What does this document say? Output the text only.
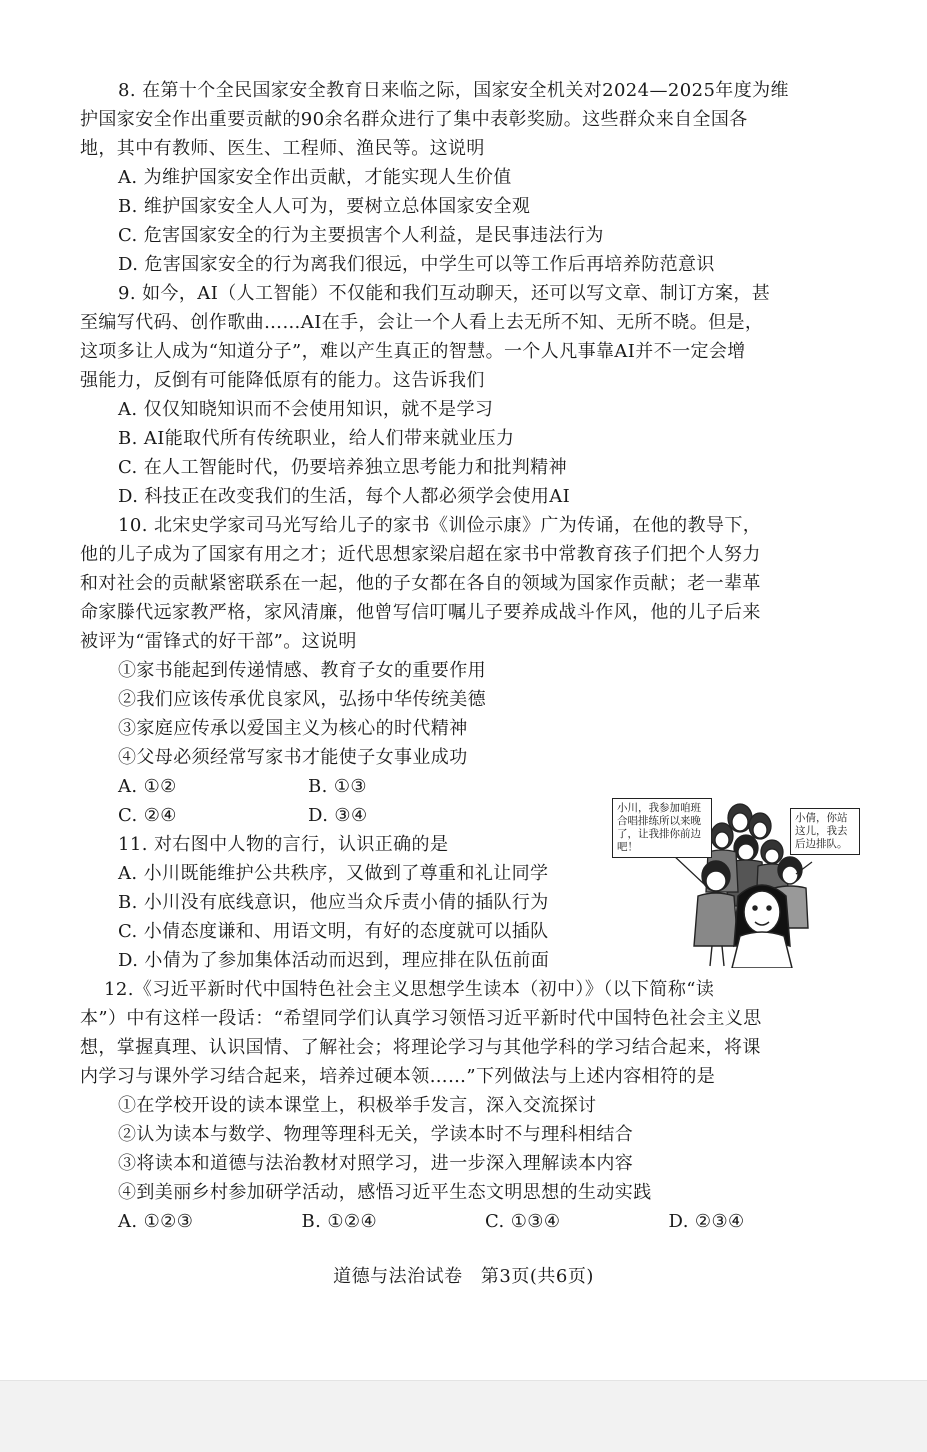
8. 在第十个全民国家安全教育日来临之际，国家安全机关对2024—2025年度为维
护国家安全作出重要贡献的90余名群众进行了集中表彰奖励。这些群众来自全国各
地，其中有教师、医生、工程师、渔民等。这说明
A. 为维护国家安全作出贡献，才能实现人生价值
B. 维护国家安全人人可为，要树立总体国家安全观
C. 危害国家安全的行为主要损害个人利益，是民事违法行为
D. 危害国家安全的行为离我们很远，中学生可以等工作后再培养防范意识
9. 如今，AI（人工智能）不仅能和我们互动聊天，还可以写文章、制订方案，甚
至编写代码、创作歌曲……AI在手，会让一个人看上去无所不知、无所不晓。但是，
这项多让人成为“知道分子”，难以产生真正的智慧。一个人凡事靠AI并不一定会增
强能力，反倒有可能降低原有的能力。这告诉我们
A. 仅仅知晓知识而不会使用知识，就不是学习
B. AI能取代所有传统职业，给人们带来就业压力
C. 在人工智能时代，仍要培养独立思考能力和批判精神
D. 科技正在改变我们的生活，每个人都必须学会使用AI
10. 北宋史学家司马光写给儿子的家书《训俭示康》广为传诵，在他的教导下，
他的儿子成为了国家有用之才；近代思想家梁启超在家书中常教育孩子们把个人努力
和对社会的贡献紧密联系在一起，他的子女都在各自的领域为国家作贡献；老一辈革
命家滕代远家教严格，家风清廉，他曾写信叮嘱儿子要养成战斗作风，他的儿子后来
被评为“雷锋式的好干部”。这说明
①家书能起到传递情感、教育子女的重要作用
②我们应该传承优良家风，弘扬中华传统美德
③家庭应传承以爱国主义为核心的时代精神
④父母必须经常写家书才能使子女事业成功
A. ①②	B. ①③
C. ②④	D. ③④
11. 对右图中人物的言行，认识正确的是
A. 小川既能维护公共秩序，又做到了尊重和礼让同学
B. 小川没有底线意识，他应当众斥责小倩的插队行为
C. 小倩态度谦和、用语文明，有好的态度就可以插队
D. 小倩为了参加集体活动而迟到，理应排在队伍前面
12.《习近平新时代中国特色社会主义思想学生读本（初中）》（以下简称“读
本”）中有这样一段话：“希望同学们认真学习领悟习近平新时代中国特色社会主义思
想，掌握真理、认识国情、了解社会；将理论学习与其他学科的学习结合起来，将课
内学习与课外学习结合起来，培养过硬本领……”下列做法与上述内容相符的是
①在学校开设的读本课堂上，积极举手发言，深入交流探讨
②认为读本与数学、物理等理科无关，学读本时不与理科相结合
③将读本和道德与法治教材对照学习，进一步深入理解读本内容
④到美丽乡村参加研学活动，感悟习近平生态文明思想的生动实践
A. ①②③	B. ①②④	C. ①③④	D. ②③④
小川，我参加咱班合唱排练所以来晚了，让我排你前边吧！
小倩，你站这儿，我去后边排队。
道德与法治试卷 第3页(共6页)
